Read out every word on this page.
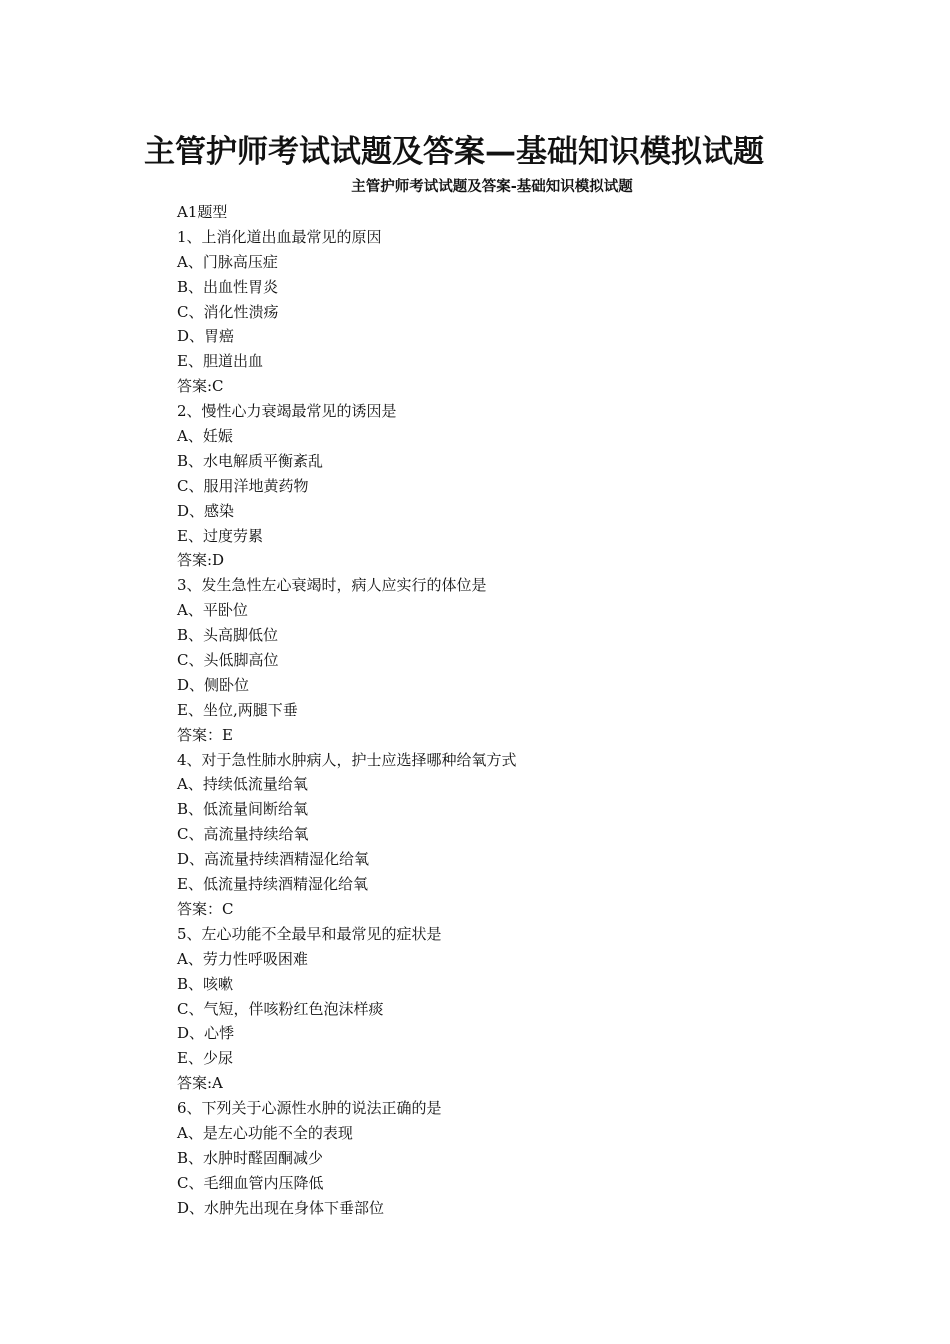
主管护师考试试题及答案—基础知识模拟试题
主管护师考试试题及答案-基础知识模拟试题
A1题型
1、上消化道出血最常见的原因
A、门脉高压症
B、出血性胃炎
C、消化性溃疡
D、胃癌
E、胆道出血
答案:C
2、慢性心力衰竭最常见的诱因是
A、妊娠
B、水电解质平衡紊乱
C、服用洋地黄药物
D、感染
E、过度劳累
答案:D
3、发生急性左心衰竭时，病人应实行的体位是
A、平卧位
B、头高脚低位
C、头低脚高位
D、侧卧位
E、坐位,两腿下垂
答案：E
4、对于急性肺水肿病人，护士应选择哪种给氧方式
A、持续低流量给氧
B、低流量间断给氧
C、高流量持续给氧
D、高流量持续酒精湿化给氧
E、低流量持续酒精湿化给氧
答案：C
5、左心功能不全最早和最常见的症状是
A、劳力性呼吸困难
B、咳嗽
C、气短，伴咳粉红色泡沫样痰
D、心悸
E、少尿
答案:A
6、下列关于心源性水肿的说法正确的是
A、是左心功能不全的表现
B、水肿时醛固酮减少
C、毛细血管内压降低
D、水肿先出现在身体下垂部位
